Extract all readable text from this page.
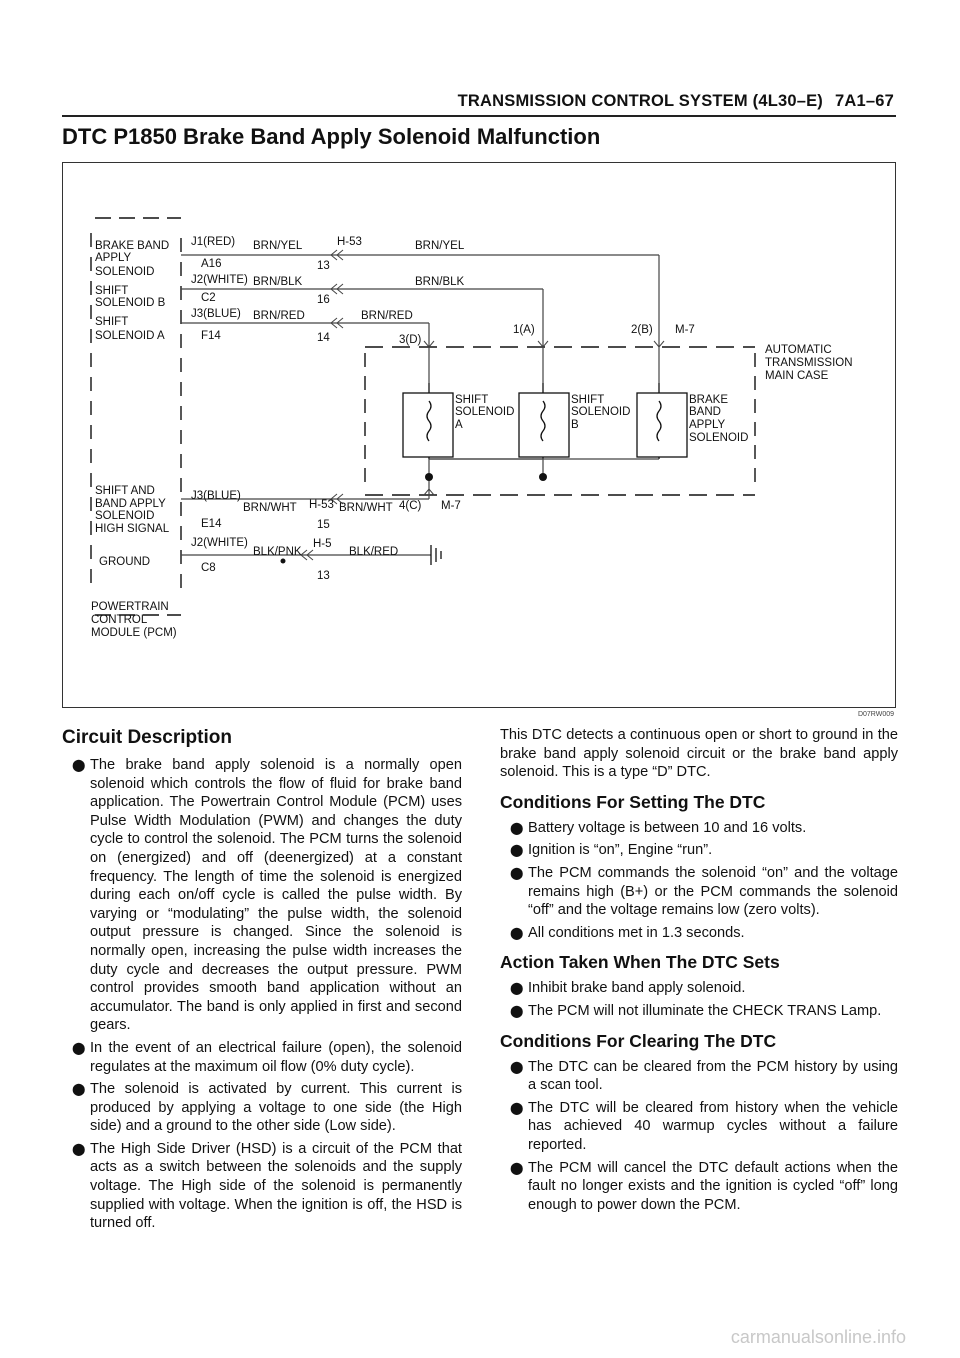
TRANSMISSION CONTROL SYSTEM (4L30–E) 7A1–67
DTC P1850 Brake Band Apply Solenoid Malfunction
BRAKE BAND
APPLY
SOLENOID
SHIFT
SOLENOID B
SHIFT
SOLENOID A
SHIFT AND
BAND APPLY
SOLENOID
HIGH SIGNAL
GROUND
POWERTRAIN
CONTROL
MODULE (PCM)
J1(RED)
A16
J2(WHITE)
C2
J3(BLUE)
F14
J3(BLUE)
E14
J2(WHITE)
C8
BRN/YEL	BRN/YEL
BRN/BLK	BRN/BLK
BRN/RED	BRN/RED
BRN/WHT	BRN/WHT
BLK/PNK	BLK/RED
H-53
13
16
14
H-53
15
H-5
13
3(D)
1(A)	2(B) M-7
4(C) M-7
AUTOMATIC
TRANSMISSION
MAIN CASE
SHIFT
SOLENOID
A
SHIFT
SOLENOID
B
BRAKE
BAND
APPLY
SOLENOID
D07RW009
Circuit Description
⬤ The brake band apply solenoid is a normally open solenoid which controls the flow of fluid for brake band application. The Powertrain Control Module (PCM) uses Pulse Width Modulation (PWM) and changes the duty cycle to control the solenoid. The PCM turns the solenoid on (energized) and off (deenergized) at a constant frequency. The length of time the solenoid is energized during each on/off cycle is called the pulse width. By varying or “modulating” the pulse width, the solenoid output pressure is changed. Since the solenoid is normally open, increasing the pulse width increases the duty cycle and decreases the output pressure. PWM control provides smooth band application without an accumulator. The band is only applied in first and second gears.
⬤ In the event of an electrical failure (open), the solenoid regulates at the maximum oil flow (0% duty cycle).
⬤ The solenoid is activated by current. This current is produced by applying a voltage to one side (the High side) and a ground to the other side (Low side).
⬤ The High Side Driver (HSD) is a circuit of the PCM that acts as a switch between the solenoids and the supply voltage. The High side of the solenoid is permanently supplied with voltage. When the ignition is off, the HSD is turned off.

This DTC detects a continuous open or short to ground in the brake band apply solenoid circuit or the brake band apply solenoid. This is a type “D” DTC.

Conditions For Setting The DTC
⬤ Battery voltage is between 10 and 16 volts.
⬤ Ignition is “on”, Engine “run”.
⬤ The PCM commands the solenoid “on” and the voltage remains high (B+) or the PCM commands the solenoid “off” and the voltage remains low (zero volts).
⬤ All conditions met in 1.3 seconds.
Action Taken When The DTC Sets
⬤ Inhibit brake band apply solenoid.
⬤ The PCM will not illuminate the CHECK TRANS Lamp.
Conditions For Clearing The DTC
⬤ The DTC can be cleared from the PCM history by using a scan tool.
⬤ The DTC will be cleared from history when the vehicle has achieved 40 warmup cycles without a failure reported.
⬤ The PCM will cancel the DTC default actions when the fault no longer exists and the ignition is cycled “off” long enough to power down the PCM.
carmanualsonline.info
